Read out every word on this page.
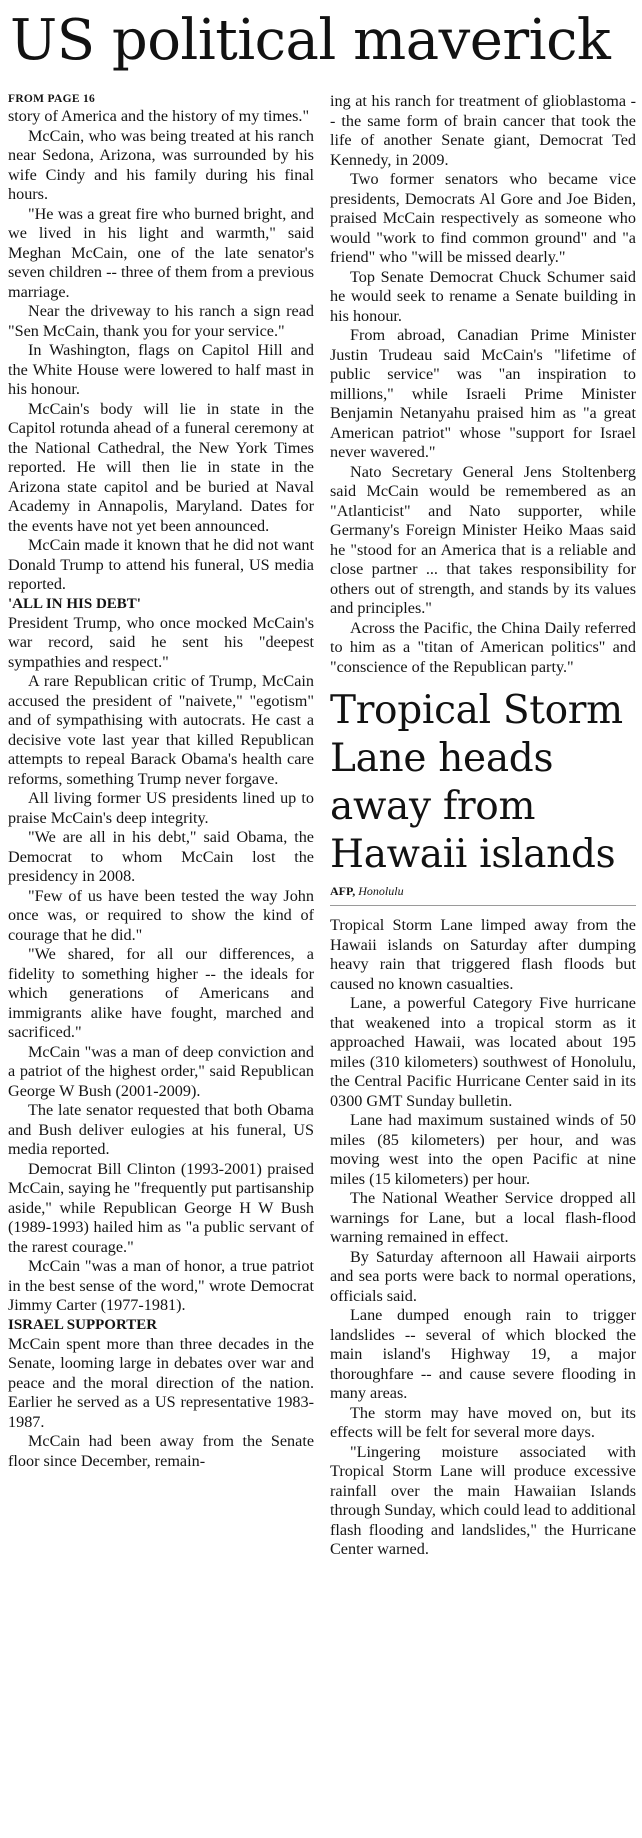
US political maverick
FROM PAGE 16

story of America and the history of my times."

McCain, who was being treated at his ranch near Sedona, Arizona, was surrounded by his wife Cindy and his family during his final hours.

"He was a great fire who burned bright, and we lived in his light and warmth," said Meghan McCain, one of the late senator's seven children -- three of them from a previous marriage.

Near the driveway to his ranch a sign read "Sen McCain, thank you for your service."

In Washington, flags on Capitol Hill and the White House were lowered to half mast in his honour.

McCain's body will lie in state in the Capitol rotunda ahead of a funeral ceremony at the National Cathedral, the New York Times reported. He will then lie in state in the Arizona state capitol and be buried at Naval Academy in Annapolis, Maryland. Dates for the events have not yet been announced.

McCain made it known that he did not want Donald Trump to attend his funeral, US media reported.

'ALL IN HIS DEBT'

President Trump, who once mocked McCain's war record, said he sent his "deepest sympathies and respect."

A rare Republican critic of Trump, McCain accused the president of "naivete," "egotism" and of sympathising with autocrats. He cast a decisive vote last year that killed Republican attempts to repeal Barack Obama's health care reforms, something Trump never forgave.

All living former US presidents lined up to praise McCain's deep integrity.

"We are all in his debt," said Obama, the Democrat to whom McCain lost the presidency in 2008.

"Few of us have been tested the way John once was, or required to show the kind of courage that he did."

"We shared, for all our differences, a fidelity to something higher -- the ideals for which generations of Americans and immigrants alike have fought, marched and sacrificed."

McCain "was a man of deep conviction and a patriot of the highest order," said Republican George W Bush (2001-2009).

The late senator requested that both Obama and Bush deliver eulogies at his funeral, US media reported.

Democrat Bill Clinton (1993-2001) praised McCain, saying he "frequently put partisanship aside," while Republican George H W Bush (1989-1993) hailed him as "a public servant of the rarest courage."

McCain "was a man of honor, a true patriot in the best sense of the word," wrote Democrat Jimmy Carter (1977-1981).

ISRAEL SUPPORTER

McCain spent more than three decades in the Senate, looming large in debates over war and peace and the moral direction of the nation. Earlier he served as a US representative 1983-1987.

McCain had been away from the Senate floor since December, remain-

ing at his ranch for treatment of glioblastoma -- the same form of brain cancer that took the life of another Senate giant, Democrat Ted Kennedy, in 2009.

Two former senators who became vice presidents, Democrats Al Gore and Joe Biden, praised McCain respectively as someone who would "work to find common ground" and "a friend" who "will be missed dearly."

Top Senate Democrat Chuck Schumer said he would seek to rename a Senate building in his honour.

From abroad, Canadian Prime Minister Justin Trudeau said McCain's "lifetime of public service" was "an inspiration to millions," while Israeli Prime Minister Benjamin Netanyahu praised him as "a great American patriot" whose "support for Israel never wavered."

Nato Secretary General Jens Stoltenberg said McCain would be remembered as an "Atlanticist" and Nato supporter, while Germany's Foreign Minister Heiko Maas said he "stood for an America that is a reliable and close partner ... that takes responsibility for others out of strength, and stands by its values and principles."

Across the Pacific, the China Daily referred to him as a "titan of American politics" and "conscience of the Republican party."

Tropical Storm Lane heads away from Hawaii islands
AFP, Honolulu

Tropical Storm Lane limped away from the Hawaii islands on Saturday after dumping heavy rain that triggered flash floods but caused no known casualties.

Lane, a powerful Category Five hurricane that weakened into a tropical storm as it approached Hawaii, was located about 195 miles (310 kilometers) southwest of Honolulu, the Central Pacific Hurricane Center said in its 0300 GMT Sunday bulletin.

Lane had maximum sustained winds of 50 miles (85 kilometers) per hour, and was moving west into the open Pacific at nine miles (15 kilometers) per hour.

The National Weather Service dropped all warnings for Lane, but a local flash-flood warning remained in effect.

By Saturday afternoon all Hawaii airports and sea ports were back to normal operations, officials said.

Lane dumped enough rain to trigger landslides -- several of which blocked the main island's Highway 19, a major thoroughfare -- and cause severe flooding in many areas.

The storm may have moved on, but its effects will be felt for several more days.

"Lingering moisture associated with Tropical Storm Lane will produce excessive rainfall over the main Hawaiian Islands through Sunday, which could lead to additional flash flooding and landslides," the Hurricane Center warned.
